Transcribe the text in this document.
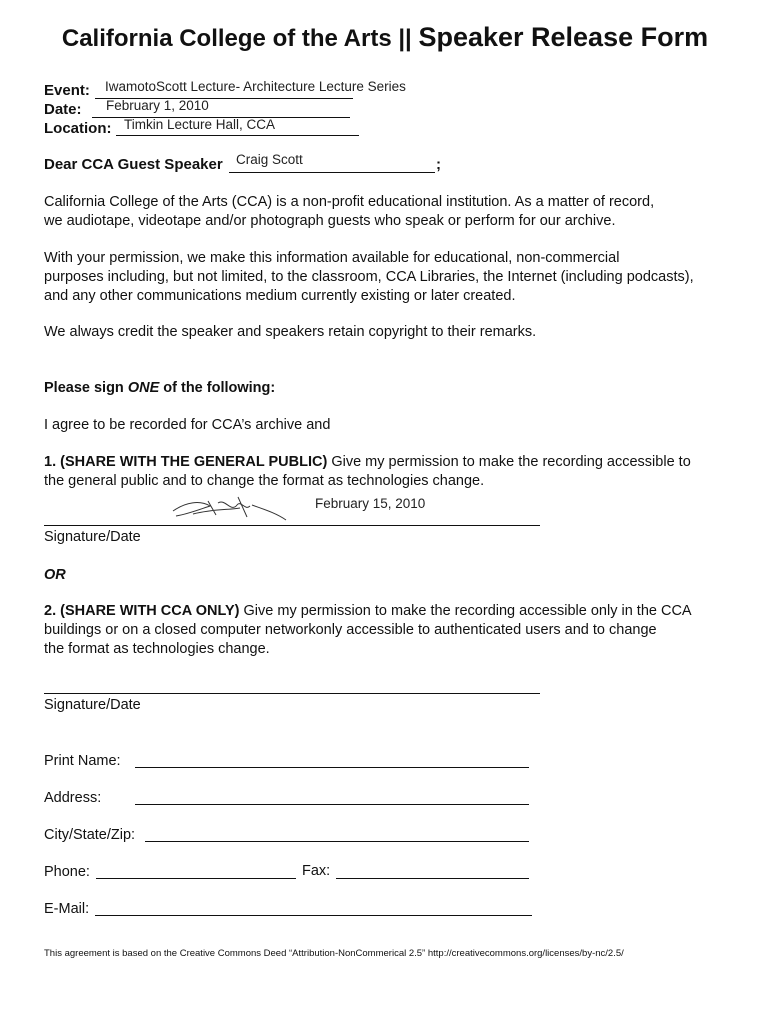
California College of the Arts || Speaker Release Form
Event: IwamotoScott Lecture- Architecture Lecture Series
Date: February 1, 2010
Location: Timkin Lecture Hall, CCA
Dear CCA Guest Speaker Craig Scott	;
California College of the Arts (CCA) is a non-profit educational institution. As a matter of record,
we audiotape, videotape and/or photograph guests who speak or perform for our archive.
With your permission, we make this information available for educational, non-commercial
purposes including, but not limited, to the classroom, CCA Libraries, the Internet (including podcasts),
and any other communications medium currently existing or later created.
We always credit the speaker and speakers retain copyright to their remarks.
Please sign ONE of the following:
I agree to be recorded for CCA’s archive and
1. (SHARE WITH THE GENERAL PUBLIC) Give my permission to make the recording accessible to
the general public and to change the format as technologies change.
February 15, 2010
Signature/Date
OR
2. (SHARE WITH CCA ONLY) Give my permission to make the recording accessible only in the CCA
buildings or on a closed computer networkonly accessible to authenticated users and to change
the format as technologies change.
Signature/Date
Print Name:
Address:
City/State/Zip:
Phone:	Fax:
E-Mail:
This agreement is based on the Creative Commons Deed “Attribution-NonCommerical 2.5” http://creativecommons.org/licenses/by-nc/2.5/
